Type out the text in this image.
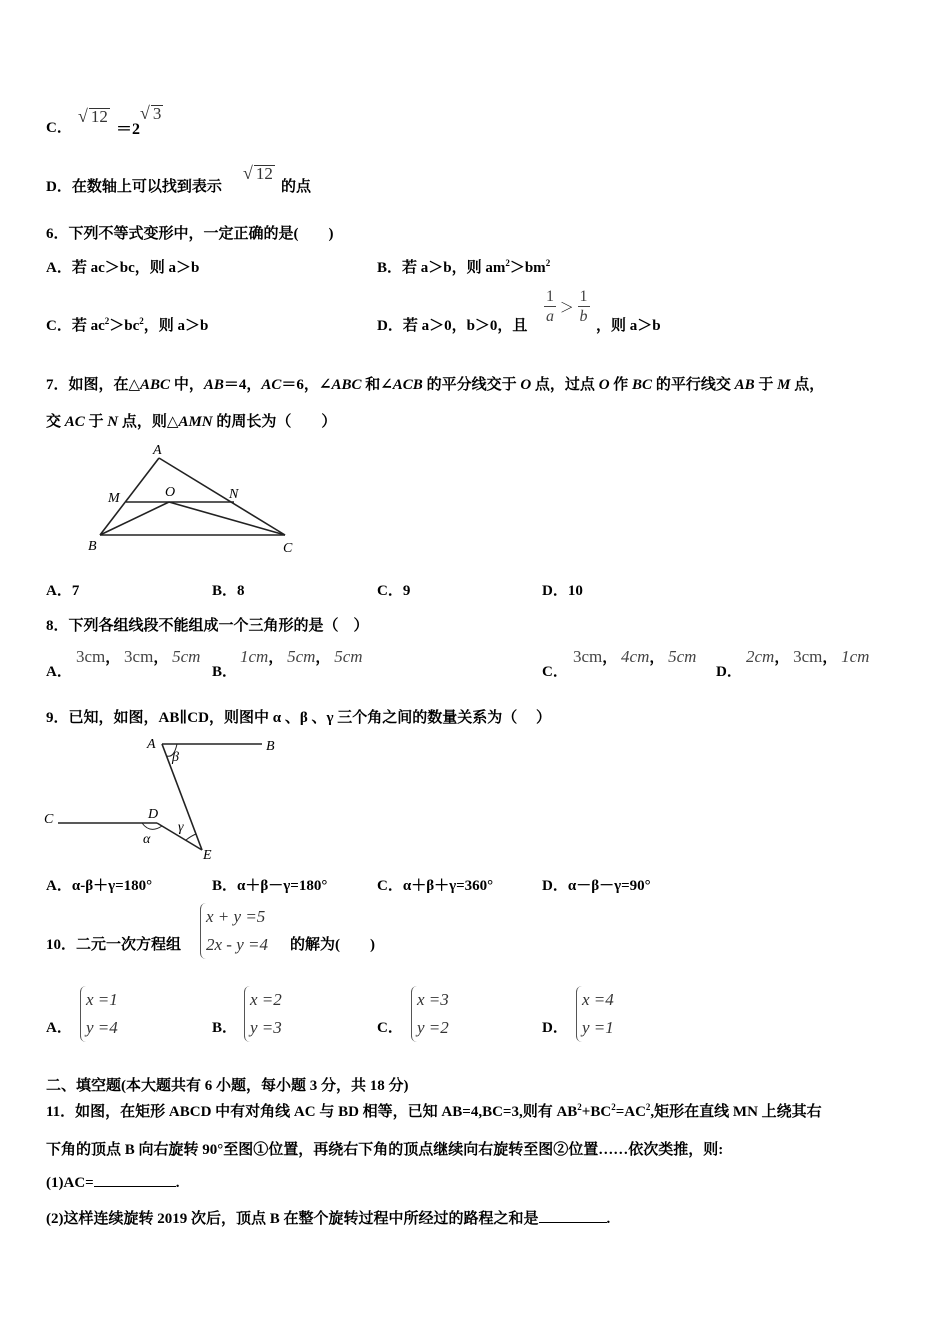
C．
√ 12
＝2
√ 3
D．在数轴上可以找到表示
√ 12
的点
6．下列不等式变形中，一定正确的是(　　)
A．若 ac＞bc，则 a＞b	B．若 a＞b，则 $am^2>bm^2$
C．若 $ac^2>bc^2$，则 a＞b	D．若 a＞0，b＞0，且 $\frac{1}{a} > \frac{1}{b}$ ，则 a＞b
7．如图，在△ABC 中，AB＝4，AC＝6，∠ABC 和∠ACB 的平分线交于 O 点，过点 O 作 BC 的平行线交 AB 于 M 点，
交 AC 于 N 点，则△AMN 的周长为（　　）
A
M	O	N
B	C
A．7	B．8	C．9	D．10
8．下列各组线段不能组成一个三角形的是（　）
A．
3cm， 3cm， 5cm
B．
1cm， 5cm， 5cm
C．
3cm， 4cm， 5cm
D．
2cm， 3cm， 1cm
9．已知，如图，AB∥CD，则图中 α 、β 、γ 三个角之间的数量关系为（　 ）
A	B
C	D
E
α
β
γ
A．α-β＋γ=180°	B．α＋β－γ=180°	C．α＋β＋γ=360°	D．α－β－γ=90°
10．二元一次方程组
x + y =5
2x - y =4 的解为(　　)
A．
x =1
y =4	B．
x =2
y =3	C．
x =3
y =2	D．
x =4
y =1
二、填空题(本大题共有 6 小题，每小题 3 分，共 18 分)
11．如图，在矩形 ABCD 中有对角线 AC 与 BD 相等，已知 AB=4,BC=3,则有 $AB^2+BC^2=AC^2$,矩形在直线 MN 上绕其右
下角的顶点 B 向右旋转 90°至图①位置，再绕右下角的顶点继续向右旋转至图②位置……依次类推，则:
(1)AC=	.
(2)这样连续旋转 2019 次后，顶点 B 在整个旋转过程中所经过的路程之和是	.
